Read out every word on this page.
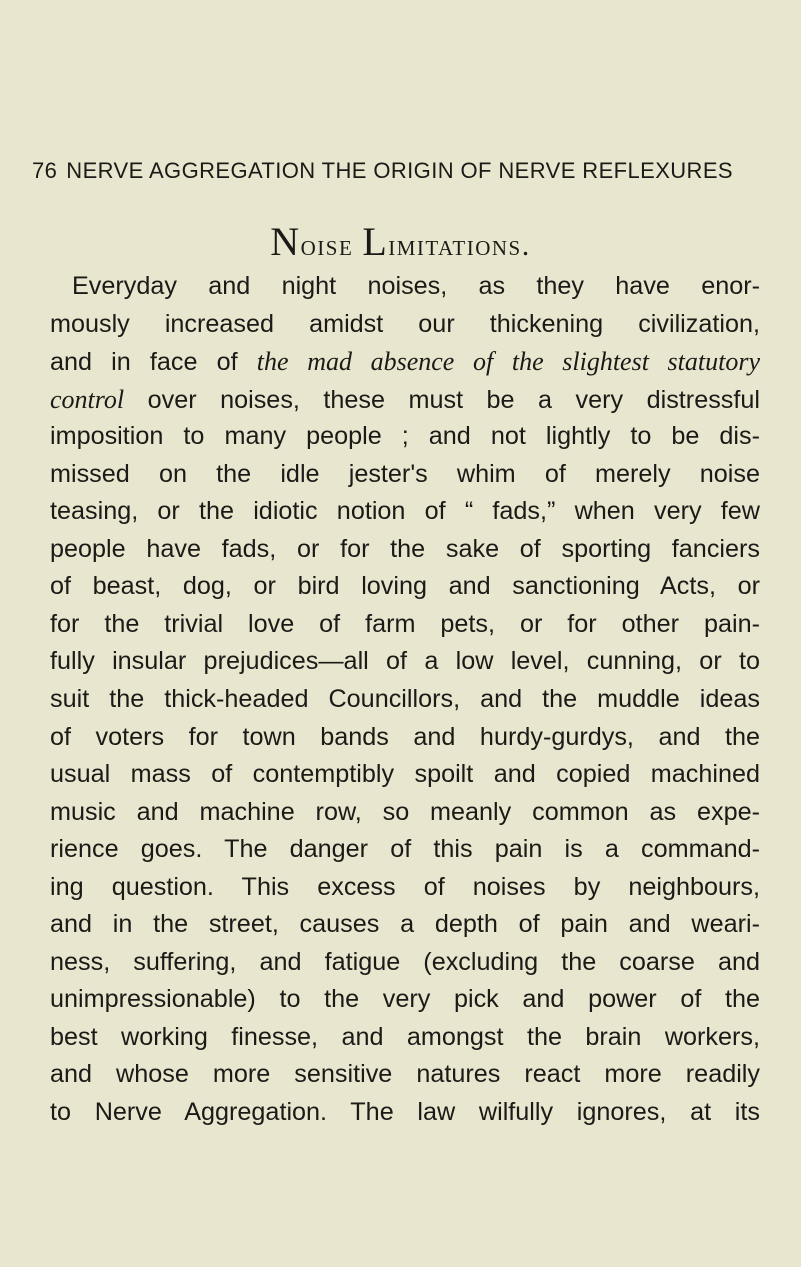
76 NERVE AGGREGATION THE ORIGIN OF NERVE REFLEXURES
Noise Limitations.
Everyday and night noises, as they have enor-
mously increased amidst our thickening civilization,
and in face of the mad absence of the slightest statutory
control over noises, these must be a very distressful
imposition to many people ; and not lightly to be dis-
missed on the idle jester's whim of merely noise
teasing, or the idiotic notion of “ fads,” when very few
people have fads, or for the sake of sporting fanciers
of beast, dog, or bird loving and sanctioning Acts, or
for the trivial love of farm pets, or for other pain-
fully insular prejudices—all of a low level, cunning, or to
suit the thick-headed Councillors, and the muddle ideas
of voters for town bands and hurdy-gurdys, and the
usual mass of contemptibly spoilt and copied machined
music and machine row, so meanly common as expe-
rience goes. The danger of this pain is a command-
ing question. This excess of noises by neighbours,
and in the street, causes a depth of pain and weari-
ness, suffering, and fatigue (excluding the coarse and
unimpressionable) to the very pick and power of the
best working finesse, and amongst the brain workers,
and whose more sensitive natures react more readily
to Nerve Aggregation. The law wilfully ignores, at its
